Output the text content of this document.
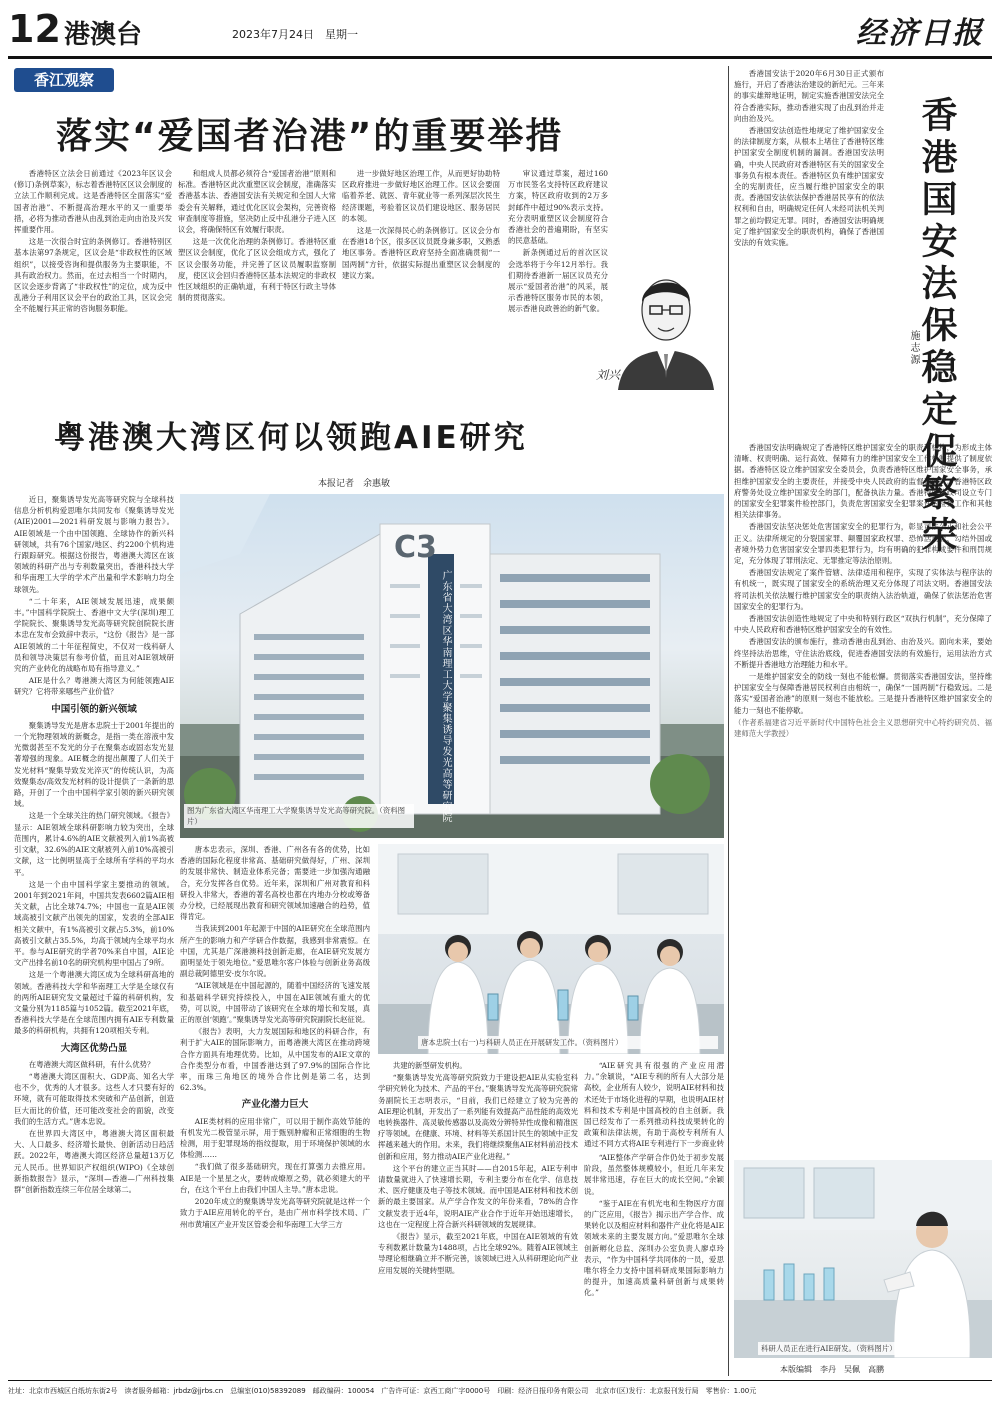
12 港澳台	2023年7月24日　星期一	经济日报
香江观察
落实“爱国者治港”的重要举措

香港特区立法会日前通过《2023年区议会(修订)条例草案》，标志着香港特区区议会制度的立法工作顺利完成。这是香港特区全面落实“爱国者治港”、不断提高治理水平的又一重要举措，必将为推动香港从由乱到治走向由治及兴发挥重要作用。

这是一次很合时宜的条例修订。香港特别区基本法第97条规定，区议会是“非政权性的区域组织”，以接受咨询和提供服务为主要职能，不具有政治权力。然而，在过去相当一个时期内，区议会逐步背离了“非政权性”的定位，成为反中乱港分子利用区议会平台的政治工具，区议会完全不能履行其正常的咨询服务职能。

和组成人员都必须符合“爱国者治港”原则和标准。香港特区此次重塑区议会制度，准确落实香港基本法、香港国安法有关规定和全国人大常委会有关解释，通过优化区议会架构，完善资格审查制度等措施，坚决防止反中乱港分子进入区议会，将确保特区有效履行职责。

这是一次优化治理的条例修订。香港特区重塑区议会制度，优化了区议会组成方式，强化了区议会服务功能，并完善了区议员履职监察制度，使区议会回归香港特区基本法规定的非政权性区域组织的正确轨道，有利于特区行政主导体制的贯彻落实。

进一步做好地区治理工作，从而更好协助特区政府推进一步做好地区治理工作。区议会要面临着养老、就医、青年就业等一系列深层次民生经济课题，考验着区议员们建设地区、服务居民的本领。

这是一次深得民心的条例修订。区议会分布在香港18个区，很多区议员既身兼多职，又熟悉地区事务。香港特区政府坚持全面准确贯彻“一国两制”方针，依据实际提出重塑区议会制度的建议方案。

审议通过草案，超过160万市民签名支持特区政府建议方案，特区政府收到的2万多封邮件中超过90%表示支持。充分表明重塑区议会制度符合香港社会的普遍期盼，有坚实的民意基础。

新条例通过后的首次区议会选举将于今年12月举行。我们期待香港新一届区议员充分展示“爱国者治港”的风采，展示香港特区服务市民的本领，展示香港良政善治的新气象。

刘兴

香港国安法于2020年6月30日正式颁布施行，开启了香港法治建设的新纪元。三年来的事实雄辩地证明，制定实施香港国安法完全符合香港实际，推动香港实现了由乱到治并走向由治及兴。

香港国安法创造性地规定了维护国家安全的法律制度方案，从根本上堵住了香港特区维护国家安全制度机制的漏洞。香港国安法明确，中央人民政府对香港特区有关的国家安全事务负有根本责任。香港特区负有维护国家安全的宪制责任，应当履行维护国家安全的职责。香港国安法依法保护香港居民享有的依法权利和自由，明确规定任何人未经司法机关判罪之前均假定无罪。同时，香港国安法明确规定了维护国家安全的职责机构，确保了香港国安法的有效实施。	香港国安法保稳定促繁荣
施志源

香港国安法明确规定了香港特区维护国家安全的职责和机构，为形成主体清晰、权责明确、运行高效、保障有力的维护国家安全工作机制提供了制度依据。香港特区设立维护国家安全委员会，负责香港特区维护国家安全事务，承担维护国家安全的主要责任，并接受中央人民政府的监督和问责。香港特区政府警务处设立维护国家安全的部门，配备执法力量。香港特区律政司设立专门的国家安全犯罪案件检控部门，负责危害国家安全犯罪案件的检控工作和其他相关法律事务。

香港国安法坚决惩处危害国家安全的犯罪行为，彰显司法公正和社会公平正义。法律所规定的分裂国家罪、颠覆国家政权罪、恐怖活动罪、勾结外国或者境外势力危害国家安全罪四类犯罪行为，均有明确的犯罪构成要件和刑罚规定，充分体现了罪刑法定、无罪推定等法治原则。

香港国安法规定了案件管辖、法律适用和程序，实现了实体法与程序法的有机统一，既实现了国家安全的系统治理又充分体现了司法文明。香港国安法将司法机关依法履行维护国家安全的职责纳入法治轨道，确保了依法惩治危害国家安全的犯罪行为。

香港国安法创造性地规定了中央和特别行政区“双执行机制”，充分保障了中央人民政府和香港特区维护国家安全的有效性。

香港国安法的颁布施行，推动香港由乱到治、由治及兴。面向未来，要始终坚持法治思维，守住法治底线，促进香港国安法的有效施行，运用法治方式不断提升香港地方治理能力和水平。

一是维护国家安全的防线一刻也不能松懈。贯彻落实香港国安法，坚持维护国家安全与保障香港居民权利自由相统一，确保“一国两制”行稳致远。二是落实“爱国者治港”的原则一刻也不能放松。三是提升香港特区维护国家安全的能力一刻也不能停歇。

（作者系福建省习近平新时代中国特色社会主义思想研究中心特约研究员、福建师范大学教授）

粤港澳大湾区何以领跑AIE研究
本报记者　余惠敏
C3
广东省大湾区华南理工大学聚集诱导发光高等研究院
图为广东省大湾区华南理工大学聚集诱导发光高等研究院。（资料图片）

近日，聚集诱导发光高等研究院与全球科技信息分析机构爱思唯尔共同发布《聚集诱导发光(AIE)2001—2021科研发展与影响力报告》。AIE领域是一个由中国领跑、全球协作的新兴科研领域，共有76个国家/地区、约2200个机构进行跟踪研究。根据这份报告，粤港澳大湾区在该领域的科研产出与专利数量突出，香港科技大学和华南理工大学的学术产出量和学术影响力均全球领先。

“二十年来，AIE领域发展迅速，成果颇丰。”中国科学院院士、香港中文大学(深圳)理工学院院长、聚集诱导发光高等研究院创院院长唐本忠在发布会致辞中表示，“这份《报告》是一部AIE领域的二十年征程简史，不仅对一线科研人员和领导决策层有参考价值，而且对AIE领域研究的产业转化的战略布局有指导意义。”

AIE是什么？粤港澳大湾区为何能领跑AIE研究？它将带来哪些产业价值？

中国引领的新兴领域

聚集诱导发光是唐本忠院士于2001年提出的一个光物理领域的新概念，是指一类在溶液中发光微弱甚至不发光的分子在聚集态或固态发光显著增强的现象。AIE概念的提出颠覆了人们关于发光材料“聚集导致发光淬灭”的传统认识，为高效聚集态/高效发光材料的设计提供了一条新的思路，开创了一个由中国科学家引领的新兴研究领域。

这是一个全球关注的热门研究领域。《报告》显示：AIE领域全球科研影响力较为突出，全球范围内，累计4.6%的AIE文献被列入前1%高被引文献，32.6%的AIE文献被列入前10%高被引文献，这一比例明显高于全球所有学科的平均水平。

这是一个由中国科学家主要推动的领域。2001年到2021年间，中国共发表6602篇AIE相关文献，占比全球74.7%；中国也一直是AIE领域高被引文献产出领先的国家，发表的全部AIE相关文献中，有1%高被引文献占5.3%，前10%高被引文献占35.5%，均高于领域内全球平均水平。参与AIE研究的学者70%来自中国，AIE论文产出排名前10名的研究机构里中国占了9所。

这是一个粤港澳大湾区成为全球科研高地的领域。香港科技大学和华南理工大学是全球仅有的两所AIE研究发文量超过千篇的科研机构，发文量分别为1185篇与1052篇。截至2021年底，香港科技大学是在全球范围内拥有AIE专利数量最多的科研机构，共拥有120项相关专利。

大湾区优势凸显

在粤港澳大湾区做科研，有什么优势？

“粤港澳大湾区面积大、GDP高、知名大学也不少，优秀的人才很多。这些人才只要有好的环境，就有可能取得技术突破和产品创新，创造巨大而比的价值，还可能改变社会的面貌，改变我们的生活方式。”唐本忠说。

在世界四大湾区中，粤港澳大湾区面积最大、人口最多、经济增长最快、创新活动日趋活跃。2022年，粤港澳大湾区经济总量超13万亿元人民币。世界知识产权组织(WIPO)《全球创新指数报告》显示，“深圳—香港—广州科技集群”创新指数连续三年位居全球第二。

唐本忠表示，深圳、香港、广州各有各的优势，比如香港的国际化程度非常高、基础研究做得好，广州、深圳的发展非常快、制造业体系完备；需要进一步加强沟通融合，充分发挥各自优势。近年来，深圳和广州对教育和科研投入非常大，香港的著名高校也都在内地办分校或筹备办分校，已经展现出教育和研究领域加速融合的趋势，值得肯定。

当我读到2001年起源于中国的AIE研究在全球范围内所产生的影响力和产学研合作数据，我感到非常震惊。在中国，尤其是广深港澳科技创新走廊，在AIE研究发展方面明显处于领先地位。”爱思唯尔客户体验与创新业务高级副总裁阿德里安·皮尔尔说。

“AIE领域是在中国起源的，随着中国经济的飞速发展和基础科学研究持续投入，中国在AIE领域有重大的优势，可以说，中国带动了该研究在全球的增长和发展，真正的原创‘领跑’。”聚集诱导发光高等研究院副院长赵征说。

《报告》表明，大力发展国际和地区的科研合作，有利于扩大AIE的国际影响力，而粤港澳大湾区在推动跨境合作方面具有地理优势。比如，从中国发布的AIE文章的合作类型分布看，中国香港达到了97.9%的国际合作比率，而珠三角地区的境外合作比例是第二名，达到62.3%。

产业化潜力巨大

AIE类材料的应用非常广，可以用于制作高效节能的有机发光二极管显示屏，用于甄别肿瘤和正常细胞的生物检测，用于犯罪现场的指纹提取，用于环境保护领域的水体检测……

“我们做了很多基础研究，现在打算强力去推应用。AIE是一个星星之火，要转成燎原之势，就必须建大的平台，在这个平台上由我们中国人主导。”唐本忠说。

2020年成立的聚集诱导发光高等研究院就是这样一个致力于AIE应用转化的平台，是由广州市科学技术局、广州市黄埔区产业开发区管委会和华南理工大学三方

唐本忠院士(右一)与科研人员正在开展研发工作。（资料图片）

共建的新型研发机构。

“聚集诱导发光高等研究院致力于建设把AIE从实验室科学研究转化为技术、产品的平台。”聚集诱导发光高等研究院常务副院长王志明表示，“目前，我们已经建立了较为完善的AIE理论机制，开发出了一系列能有效提高产品性能的高效光电转换器件、高灵敏传感器以及高效分辨特异性成像和精准医疗等领域。在健康、环境、材料等关系国计民生的领域中正发挥越来越大的作用。未来，我们将继续聚焦AIE材料前沿技术创新和应用，努力推动AIE产业化进程。”

这个平台的建立正当其时——自2015年起，AIE专利申请数量就进入了快速增长期，专利主要分布在化学、信息技术、医疗健康及电子等技术领域。而中国是AIE材料和技术创新的最主要国家。从产学合作发文的年份来看，78%的合作文献发表于近4年，说明AIE产业合作于近年开始迅速增长，这也在一定程度上符合新兴科研领域的发展规律。

《报告》显示，截至2021年底，中国在AIE领域的有效专利数累计数量为1488项，占比全球92%。随着AIE领域主导理论相继确立并不断完善，该领域已进入从科研理论向产业应用发展的关键转型期。

“AIE研究具有很强的产业应用潜力。”余颖说，“AIE专利的所有人大部分是高校，企业所有人较少，说明AIE材料和技术还处于市场化进程的早期，也说明AIE材料和技术专利是中国高校的自主创新。我国已经发布了一系列推动科技成果转化的政策和法律法规，有助于高校专利所有人通过不同方式将AIE专利进行下一步商业转

“AIE整体产学研合作仍处于初步发展阶段，虽然整体规模较小，但近几年来发展非常迅速，存在巨大的成长空间。”余颖说。

“鉴于AIE在有机光电和生物医疗方面的广泛应用，《报告》揭示出产学合作、成果转化以及相应材料和器件产业化将是AIE领域未来的主要发展方向。”爱思唯尔全球创新孵化总监、深圳办公室负责人廖卓玲表示，“作为中国科学共同体的一员，爱思唯尔将全力支持中国科研成果国际影响力的提升，加速高质量科研创新与成果转化。”

科研人员正在进行AIE研发。（资料图片）
本版编辑　李丹　吴佩　高鹏
社址：北京市西城区白纸坊东街2号　读者服务邮箱：jrbdz@jjrbs.cn　总编室(010)58392089　邮政编码：100054　广告许可证：京西工商广字0000号　印刷：经济日报印务有限公司　北京市(区)发行：北京报刊发行局　零售价：1.00元
